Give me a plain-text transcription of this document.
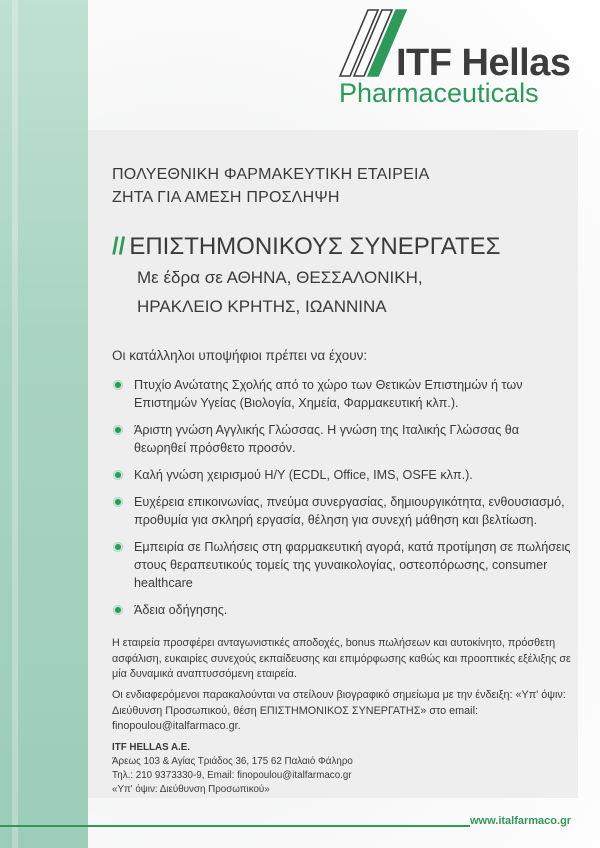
ITF Hellas
Pharmaceuticals
ΠΟΛΥΕΘΝΙΚΗ ΦΑΡΜΑΚΕΥΤΙΚΗ ΕΤΑΙΡΕΙΑ
ΖΗΤΑ ΓΙΑ ΑΜΕΣΗ ΠΡΟΣΛΗΨΗ
// ΕΠΙΣΤΗΜΟΝΙΚΟΥΣ ΣΥΝΕΡΓΑΤΕΣ
Με έδρα σε ΑΘΗΝΑ, ΘΕΣΣΑΛΟΝΙΚΗ,
ΗΡΑΚΛΕΙΟ ΚΡΗΤΗΣ, ΙΩΑΝΝΙΝΑ
Οι κατάλληλοι υποψήφιοι πρέπει να έχουν:
Πτυχίο Ανώτατης Σχολής από το χώρο των Θετικών Επιστημών ή των Επιστημών Υγείας (Βιολογία, Χημεία, Φαρμακευτική κλπ.).
Άριστη γνώση Αγγλικής Γλώσσας. Η γνώση της Ιταλικής Γλώσσας θα θεωρηθεί πρόσθετο προσόν.
Καλή γνώση χειρισμού Η/Υ (ECDL, Office, IMS, OSFE κλπ.).
Ευχέρεια επικοινωνίας, πνεύμα συνεργασίας, δημιουργικότητα, ενθουσιασμό, προθυμία για σκληρή εργασία, θέληση για συνεχή μάθηση και βελτίωση.
Εμπειρία σε Πωλήσεις στη φαρμακευτική αγορά, κατά προτίμηση σε πωλήσεις στους θεραπευτικούς τομείς της γυναικολογίας, οστεοπόρωσης, consumer healthcare
Άδεια οδήγησης.
Η εταιρεία προσφέρει ανταγωνιστικές αποδοχές, bonus πωλήσεων και αυτοκίνητο, πρόσθετη ασφάλιση, ευκαιρίες συνεχούς εκπαίδευσης και επιμόρφωσης καθώς και προοπτικές εξέλιξης σε μία δυναμικά αναπτυσσόμενη εταιρεία.
Οι ενδιαφερόμενοι παρακαλούνται να στείλουν βιογραφικό σημείωμα με την ένδειξη: «Υπ' όψιν: Διεύθυνση Προσωπικού, θέση ΕΠΙΣΤΗΜΟΝΙΚΟΣ ΣΥΝΕΡΓΑΤΗΣ» στο email: finopoulou@italfarmaco.gr.
ITF HELLAS A.E.
Άρεως 103 & Αγίας Τριάδος 36, 175 62 Παλαιό Φάληρο
Τηλ.: 210 9373330-9, Email: finopoulou@italfarmaco.gr
«Υπ' όψιν: Διεύθυνση Προσωπικού»
www.italfarmaco.gr
